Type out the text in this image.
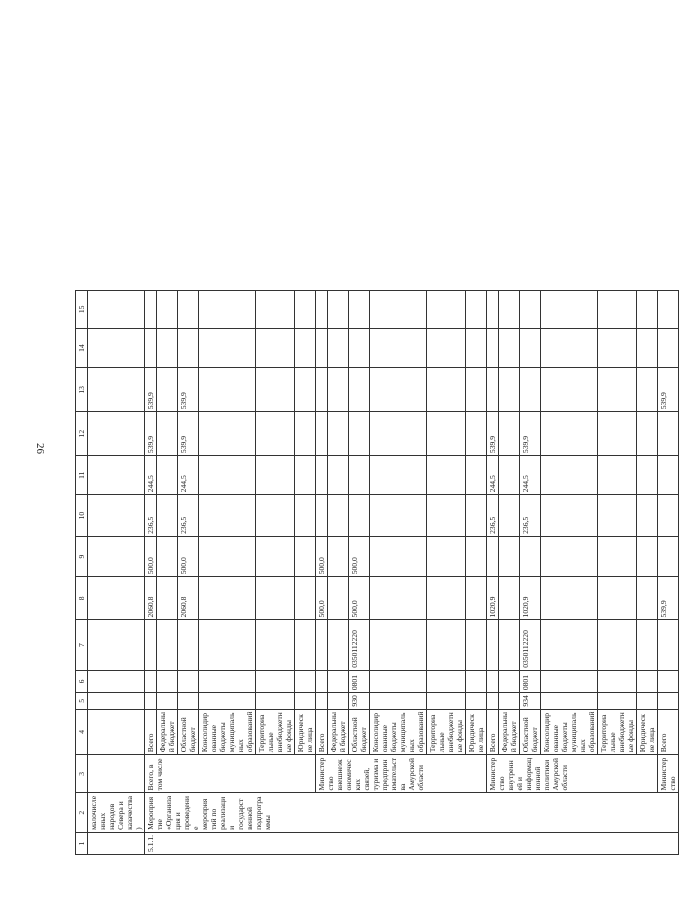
26
1	2	3	4	5	6	7	8	9	10	11	12	13	14	15
	малочисленных народов Севера и казачества)													
5.1.1.	Мероприятие «Организация и проведение мероприятий по реализации государственной подпрограммы	Всего, в том числе	Всего				2060,8	500,0	236,5	244,5	539,9	539,9		
			Федеральный бюджет											
			Областной бюджет				2060,8	500,0	236,5	244,5	539,9	539,9		
			Консолидированные бюджеты муниципальных образований											
			Территориальные внебюджетные фонды											
			Юридические лица											
		Министерство внешнеэкономических связей, туризма и предпринимательства Амурской области	Всего				500,0	500,0						
			Федеральный бюджет											
			Областной бюджет	930	0801	0350112220	500,0	500,0						
			Консолидированные бюджеты муниципальных образований											
			Территориальные внебюджетные фонды											
			Юридические лица											
		Министерство внутренней и информационной политики Амурской области	Всего				1020,9		236,5	244,5	539,9			
			Федеральный бюджет											
			Областной бюджет	934	0801	0350112220	1020,9		236,5	244,5	539,9			
			Консолидированные бюджеты муниципальных образований											
			Территориальные внебюджетные фонды											
			Юридические лица											
		Министерство	Всего				539,9					539,9		
